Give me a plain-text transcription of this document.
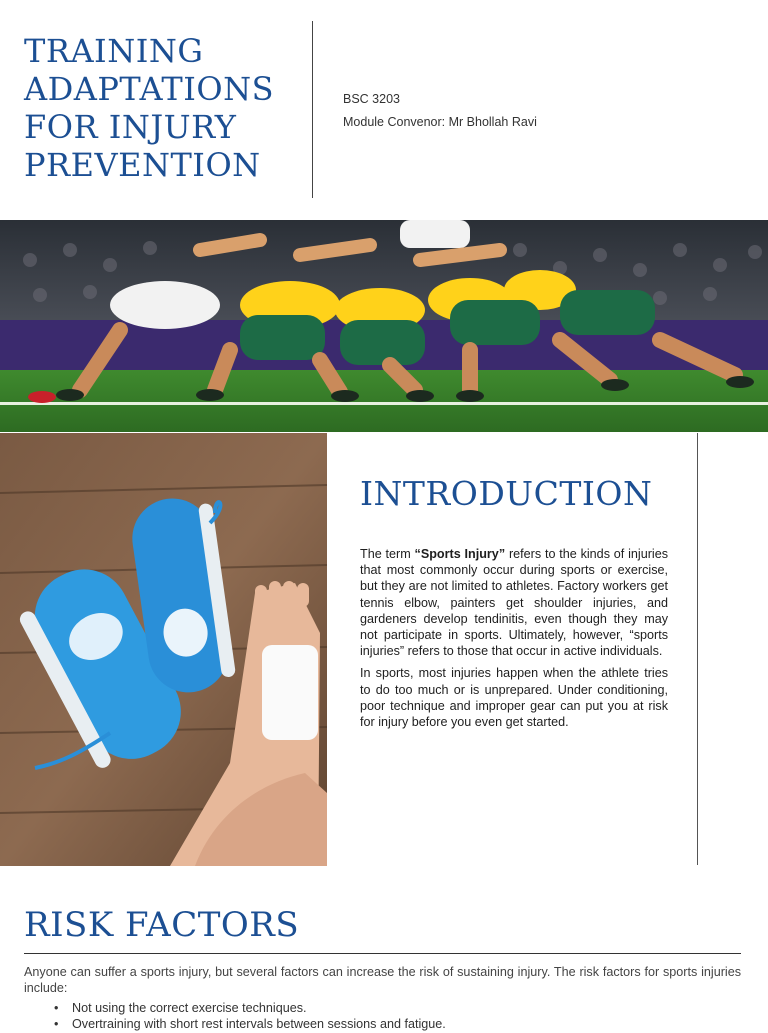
TRAINING
ADAPTATIONS
FOR INJURY
PREVENTION
BSC 3203
Module Convenor: Mr Bhollah Ravi
INTRODUCTION

The term “Sports Injury” refers to the kinds of injuries that most commonly occur during sports or exercise, but they are not limited to athletes. Factory workers get tennis elbow, painters get shoulder injuries, and gardeners develop tendinitis, even though they may not participate in sports. Ultimately, however, “sports injuries” refers to those that occur in active individuals.

In sports, most injuries happen when the athlete tries to do too much or is unprepared. Under conditioning, poor technique and improper gear can put you at risk for injury before you even get started.

RISK FACTORS

Anyone can suffer a sports injury, but several factors can increase the risk of sustaining injury. The risk factors for sports injuries include:

• Not using the correct exercise techniques.
• Overtraining with short rest intervals between sessions and fatigue.
